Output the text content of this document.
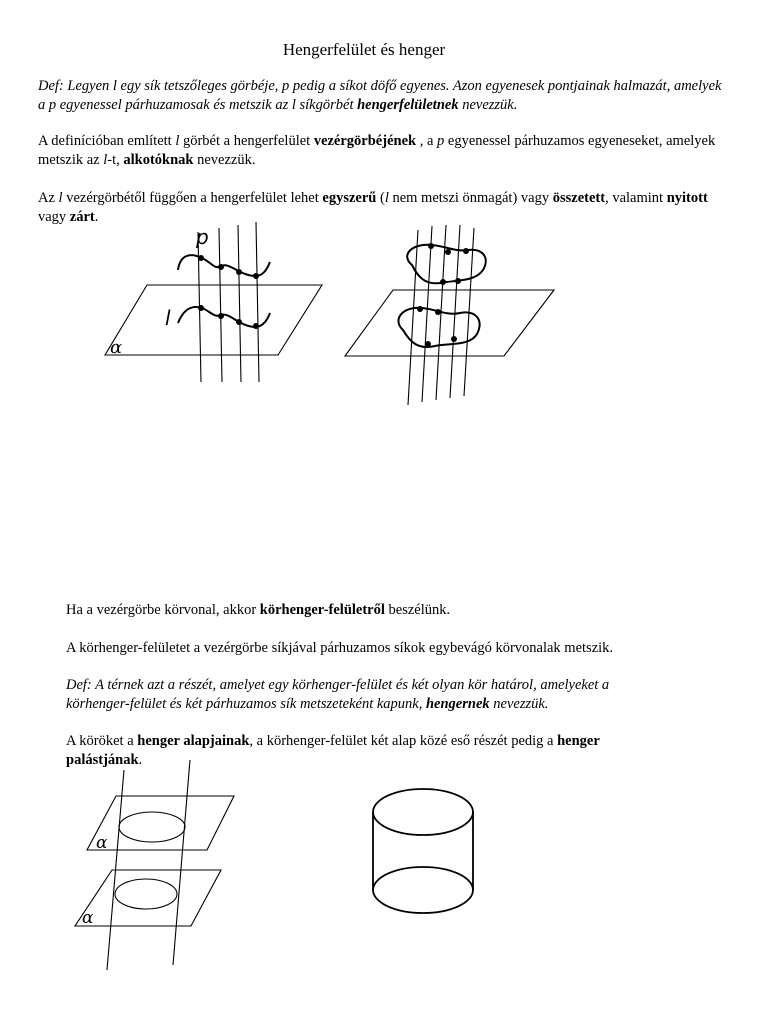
Hengerfelület és henger
Def: Legyen l egy sík tetszőleges görbéje, p pedig a síkot döfő egyenes. Azon egyenesek pontjainak halmazát, amelyek a p egyenessel párhuzamosak és metszik az l síkgörbét hengerfelületnek nevezzük.
A definícióban említett l görbét a hengerfelület vezérgörbéjének , a p egyenessel párhuzamos egyeneseket, amelyek metszik az l-t, alkotóknak nevezzük.
Az l vezérgörbétől függően a hengerfelület lehet egyszerű (l nem metszi önmagát) vagy összetett, valamint nyitott vagy zárt.
p
l
α
α
α
Ha a vezérgörbe körvonal, akkor körhenger-felületről beszélünk.
A körhenger-felületet a vezérgörbe síkjával párhuzamos síkok egybevágó körvonalak metszik.
Def: A térnek azt a részét, amelyet egy körhenger-felület és két olyan kör határol, amelyeket a körhenger-felület és két párhuzamos sík metszeteként kapunk, hengernek nevezzük.
A köröket a henger alapjainak, a körhenger-felület két alap közé eső részét pedig a henger palástjának.
